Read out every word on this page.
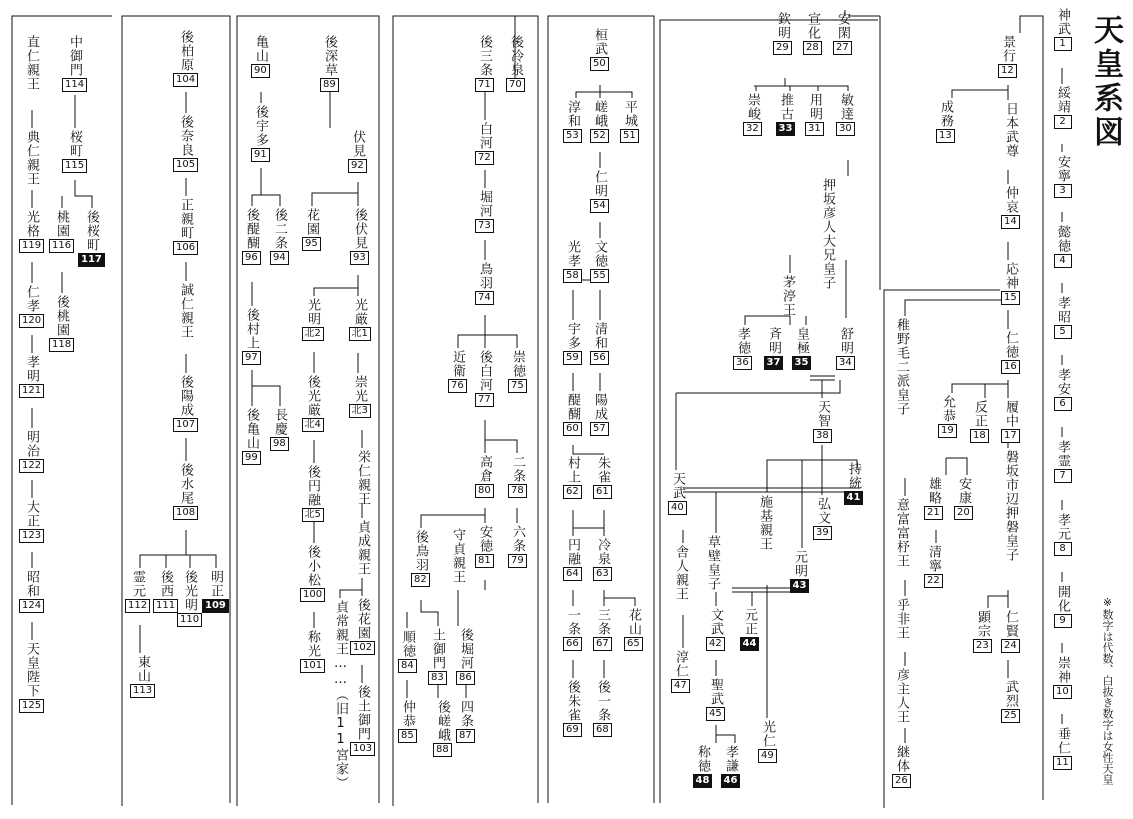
天皇系図
※数字は代数、白抜き数字は女性天皇
神武
1
綏靖
2
安寧
3
懿徳
4
孝昭
5
孝安
6
孝霊
7
孝元
8
開化
9
崇神
10
垂仁
11
景行
12
成務
13	日本武尊
仲哀
14
応神
15
仁徳
16
履中
17
反正
18
允恭
19
安康
20
雄略
21
清寧
22
磐坂市辺押磐皇子
仁賢
24
武烈
25
顕宗
23
稚野毛二派皇子
意富富杼王
乎非王
彦主人王
継体
26
安閑
27
宣化
28
欽明
29
敏達
30
用明
31
推古
33
崇峻
32
押坂彦人大兄皇子
茅渟王
舒明
34
皇極
35
斉明
37
孝徳
36
天智
38
持統
41
弘文
39
元明
43
施基親王
天武
40
草壁皇子
舎人親王
淳仁
47
元正
44
文武
42
聖武
45
孝謙
46
称徳
48
光仁
49
桓武
50
平城
51
嵯峨
52
淳和
53
仁明
54
文徳
55
清和
56
陽成
57
光孝
58
宇多
59
醍醐
60
朱雀
61
村上
62
冷泉
63
円融
64
花山
65
一条
66
三条
67
後一条
68
後朱雀
69
後冷泉
70
後三条
71
白河
72
堀河
73
鳥羽
74
崇徳
75
近衛
76 後白河
77
二条
78
六条
79
高倉
80
安徳
81
後鳥羽
82 守貞親王
順徳
84 土御門
83
後堀河
86
仲恭
85 後嵯峨
88
四条
87
後深草
89
亀山
90
後宇多
91	伏見
92
後醍醐
96
後二条
94
花園
95	後伏見
93
光厳
北1
光明
北2
後村上
97
後亀山
99
長慶
98
崇光
北3
後光厳
北4
後円融
北5
後小松
100
称光
101
栄仁親王
貞成親王
後花園
102
後土御門
103
貞常親王……（旧11宮家）
後柏原
104
後奈良
105
正親町
106
誠仁親王
後陽成
107
後水尾
108
明正
109
後光明
110
後西
111
霊元
112
東山
113
中御門
114
桜町
115
桃園
116 後桜町
117
後桃園
118
直仁親王
典仁親王
光格
119
仁孝
120
孝明
121
明治
122
大正
123
昭和
124
天皇陛下
125
